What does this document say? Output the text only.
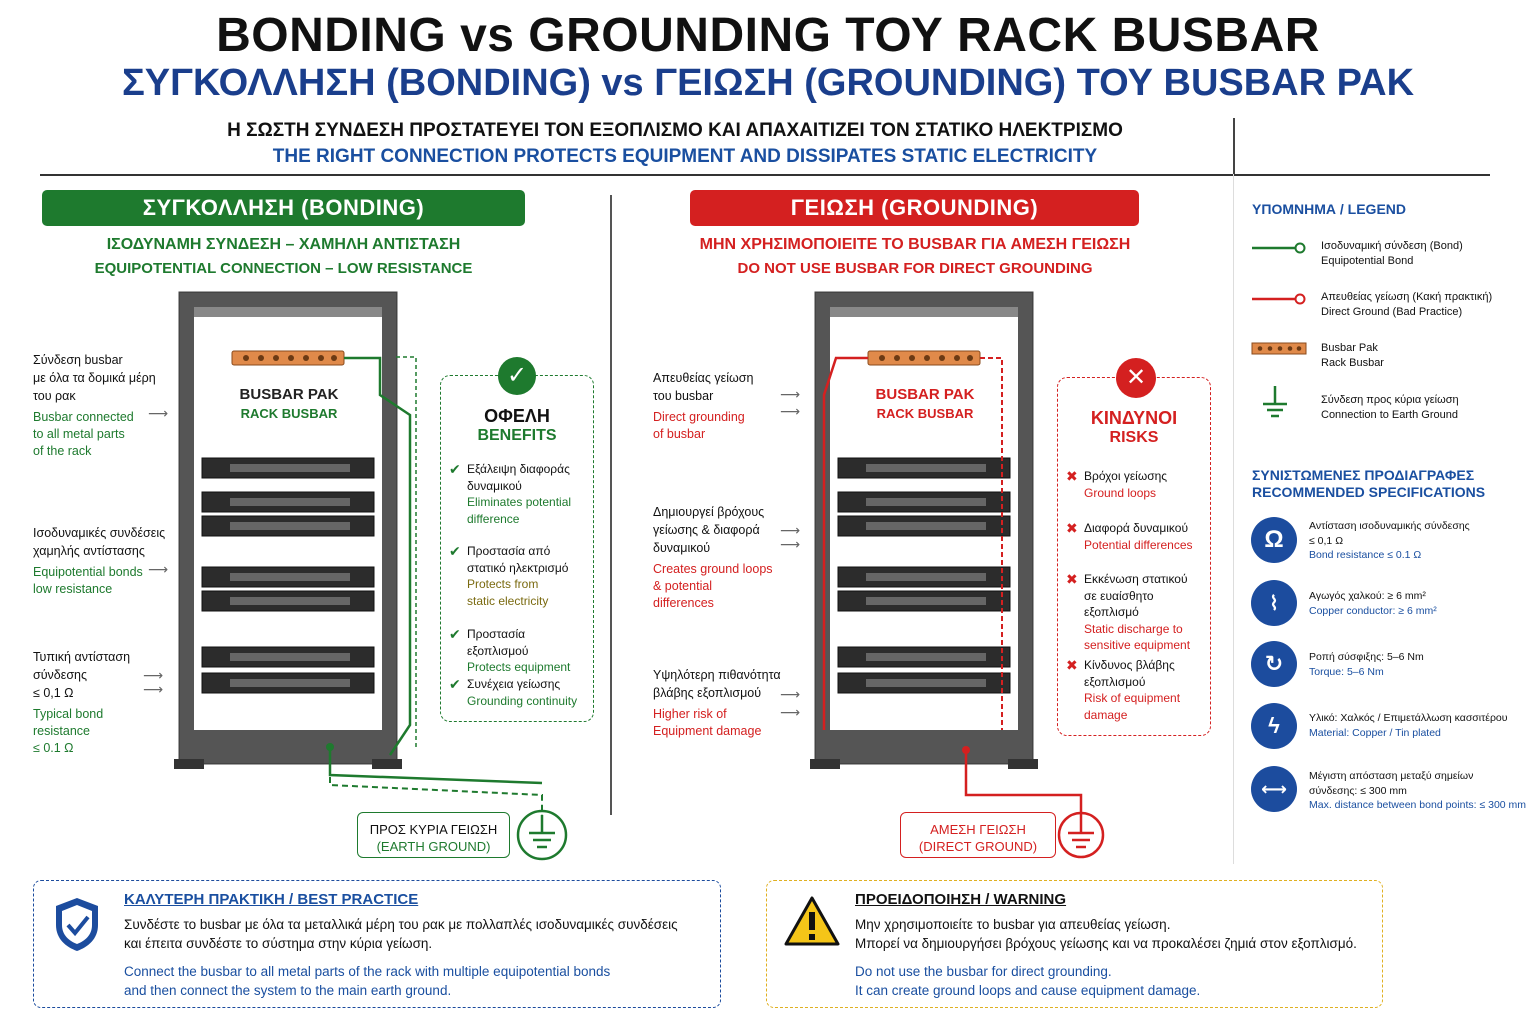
BONDING vs GROUNDING ΤΟΥ RACK BUSBAR
ΣΥΓΚΟΛΛΗΣΗ (BONDING) vs ΓΕΙΩΣΗ (GROUNDING) ΤΟΥ BUSBAR PAK
Η ΣΩΣΤΗ ΣΥΝΔΕΣΗ ΠΡΟΣΤΑΤΕΥΕΙ ΤΟΝ ΕΞΟΠΛΙΣΜΟ ΚΑΙ ΑΠΑΧΑΙΤΙΖΕΙ ΤΟΝ ΣΤΑΤΙΚΟ ΗΛΕΚΤΡΙΣΜΟ
THE RIGHT CONNECTION PROTECTS EQUIPMENT AND DISSIPATES STATIC ELECTRICITY
ΣΥΓΚΟΛΛΗΣΗ (BONDING)
ΙΣΟΔΥΝΑΜΗ ΣΥΝΔΕΣΗ – ΧΑΜΗΛΗ ΑΝΤΙΣΤΑΣΗ
EQUIPOTENTIAL CONNECTION – LOW RESISTANCE
Σύνδεση busbar
με όλα τα δομικά μέρη
του ρακ
Busbar connected
to all metal parts
of the rack
⟶
Ισοδυναμικές συνδέσεις
χαμηλής αντίστασης
Equipotential bonds
low resistance
⟶
Τυπική αντίσταση
σύνδεσης
≤ 0,1 Ω
Typical bond
resistance
≤ 0.1 Ω
⟶
⟶
BUSBAR PAK
RACK BUSBAR	ΟΦΕΛΗ
BENEFITS
✔ Εξάλειψη διαφοράς
δυναμικού
Eliminates potential
difference
✔ Προστασία από
στατικό ηλεκτρισμό
Protects from
static electricity
✔ Προστασία εξοπλισμού
Protects equipment
✔ Συνέχεια γείωσης
Grounding continuity
✓
ΠΡΟΣ ΚΥΡΙΑ ΓΕΙΩΣΗ
(EARTH GROUND)
ΓΕΙΩΣΗ (GROUNDING)
ΜΗΝ ΧΡΗΣΙΜΟΠΟΙΕΙΤΕ ΤΟ BUSBAR ΓΙΑ ΑΜΕΣΗ ΓΕΙΩΣΗ
DO NOT USE BUSBAR FOR DIRECT GROUNDING
Απευθείας γείωση
του busbar
Direct grounding
of busbar
⟶
⟶
Δημιουργεί βρόχους
γείωσης & διαφορά
δυναμικού
Creates ground loops
& potential
differences
⟶
⟶
Υψηλότερη πιθανότητα
βλάβης εξοπλισμού
Higher risk of
Equipment damage
⟶
⟶
BUSBAR PAK
RACK BUSBAR	ΚΙΝΔΥΝΟΙ
RISKS
✖ Βρόχοι γείωσης
Ground loops
✖ Διαφορά δυναμικού
Potential differences
✖ Εκκένωση στατικού
σε ευαίσθητο εξοπλισμό
Static discharge to
sensitive equipment
✖ Κίνδυνος βλάβης
εξοπλισμού
Risk of equipment
damage
✕
ΑΜΕΣΗ ΓΕΙΩΣΗ
(DIRECT GROUND)
ΥΠΟΜΝΗΜΑ / LEGEND
Ισοδυναμική σύνδεση (Bond)
Equipotential Bond
Απευθείας γείωση (Κακή πρακτική)
Direct Ground (Bad Practice)
Busbar Pak
Rack Busbar
Σύνδεση προς κύρια γείωση
Connection to Earth Ground
ΣΥΝΙΣΤΩΜΕΝΕΣ ΠΡΟΔΙΑΓΡΑΦΕΣ
RECOMMENDED SPECIFICATIONS
Ω	Αντίσταση ισοδυναμικής σύνδεσης
≤ 0,1 Ω
Bond resistance ≤ 0.1 Ω
⌇	Αγωγός χαλκού: ≥ 6 mm²
Copper conductor: ≥ 6 mm²
↻	Ροπή σύσφιξης: 5–6 Nm
Torque: 5–6 Nm
ϟ	Υλικό: Χαλκός / Επιμετάλλωση κασσιτέρου
Material: Copper / Tin plated
⟷
Μέγιστη απόσταση μεταξύ σημείων
σύνδεσης: ≤ 300 mm
Max. distance between bond points: ≤ 300 mm
ΚΑΛΥΤΕΡΗ ΠΡΑΚΤΙΚΗ / BEST PRACTICE
Συνδέστε το busbar με όλα τα μεταλλικά μέρη του ρακ με πολλαπλές ισοδυναμικές συνδέσεις
και έπειτα συνδέστε το σύστημα στην κύρια γείωση.
Connect the busbar to all metal parts of the rack with multiple equipotential bonds
and then connect the system to the main earth ground.
ΠΡΟΕΙΔΟΠΟΙΗΣΗ / WARNING
Μην χρησιμοποιείτε το busbar για απευθείας γείωση.
Μπορεί να δημιουργήσει βρόχους γείωσης και να προκαλέσει ζημιά στον εξοπλισμό.
Do not use the busbar for direct grounding.
It can create ground loops and cause equipment damage.
